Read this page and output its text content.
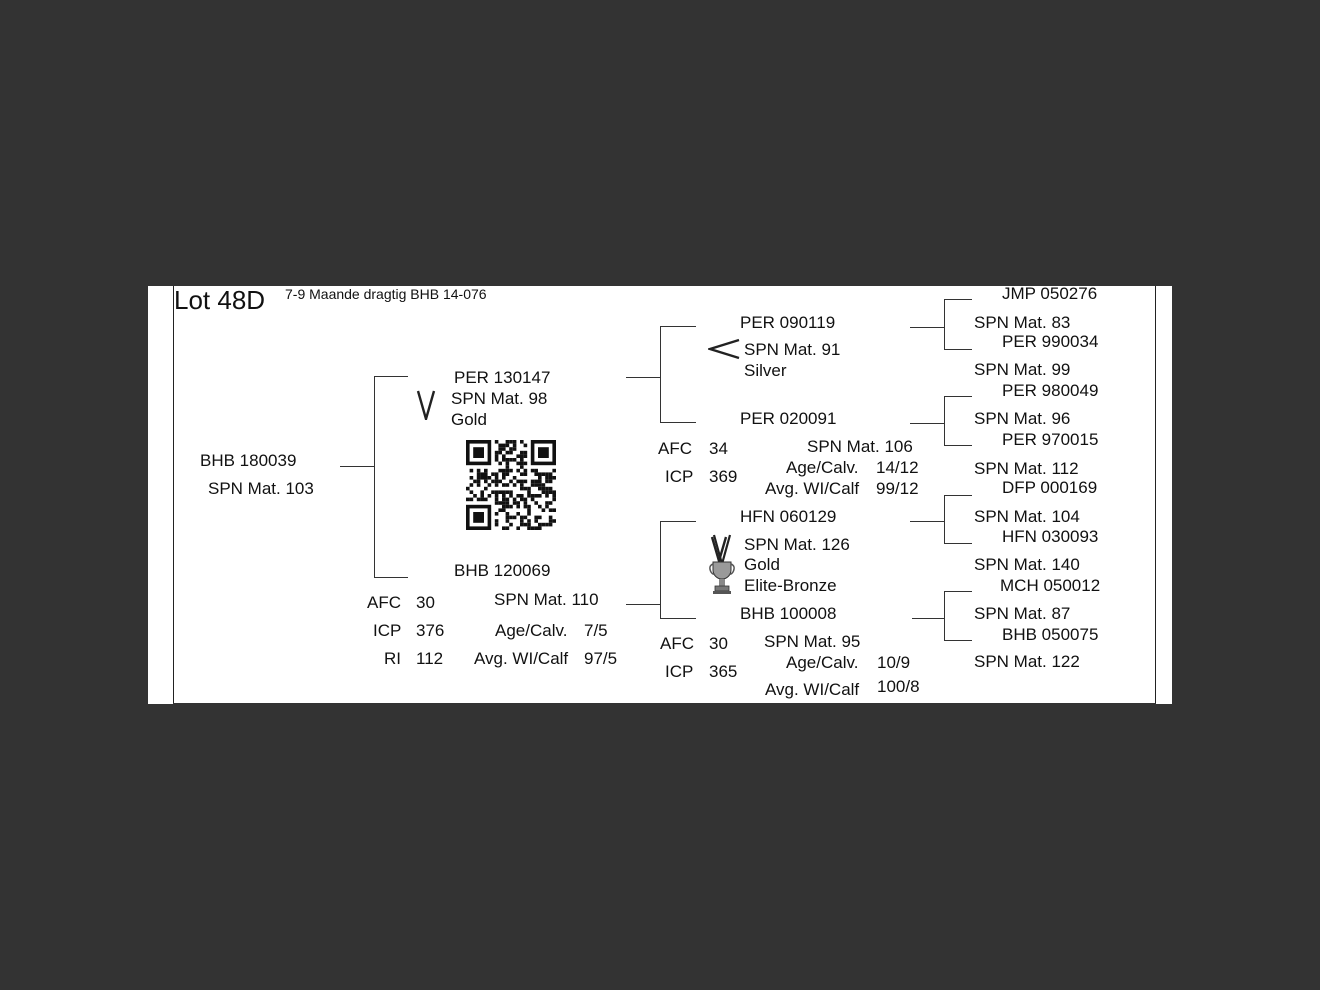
Lot 48D 7-9 Maande dragtig BHB 14-076
BHB 180039
SPN Mat. 103
PER 130147
SPN Mat. 98
Gold
BHB 120069
SPN Mat. 110
AFC 30
ICP 376
RI 112
Age/Calv. 7/5
Avg. WI/Calf 97/5
PER 090119
SPN Mat. 91
Silver
PER 020091
AFC 34
ICP 369
SPN Mat. 106
Age/Calv. 14/12
Avg. WI/Calf 99/12
HFN 060129
SPN Mat. 126
Gold
Elite-Bronze
BHB 100008
AFC 30
ICP 365
SPN Mat. 95
Age/Calv. 10/9
Avg. WI/Calf 100/8
JMP 050276
SPN Mat. 83
PER 990034
SPN Mat. 99
PER 980049
SPN Mat. 96
PER 970015
SPN Mat. 112
DFP 000169
SPN Mat. 104
HFN 030093
SPN Mat. 140
MCH 050012
SPN Mat. 87
BHB 050075
SPN Mat. 122
